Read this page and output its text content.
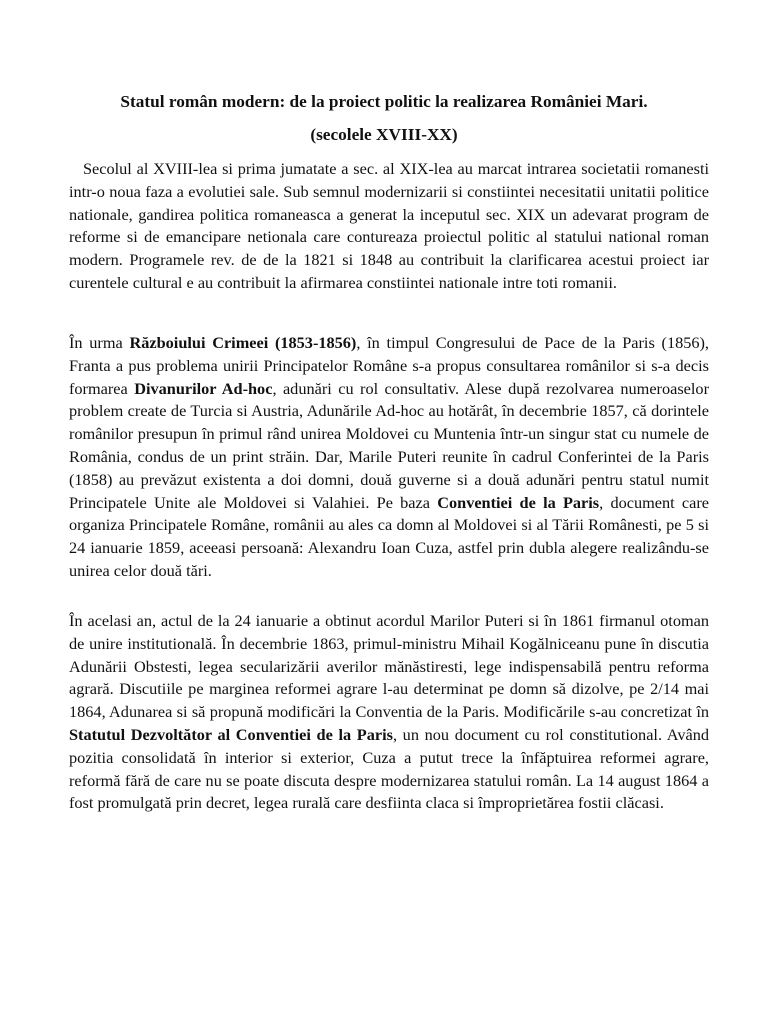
Statul român modern: de la proiect politic la realizarea României Mari.
(secolele XVIII-XX)

Secolul al XVIII-lea si prima jumatate a sec. al XIX-lea au marcat intrarea societatii romanesti intr-o noua faza a evolutiei sale. Sub semnul modernizarii si constiintei necesitatii unitatii politice nationale, gandirea politica romaneasca a generat la inceputul sec. XIX un adevarat program de reforme si de emancipare netionala care contureaza proiectul politic al statului national roman modern. Programele rev. de de la 1821 si 1848 au contribuit la clarificarea acestui proiect iar curentele cultural e au contribuit la afirmarea constiintei nationale intre toti romanii.

În urma Războiului Crimeei (1853-1856), în timpul Congresului de Pace de la Paris (1856), Franta a pus problema unirii Principatelor Române s-a propus consultarea românilor si s-a decis formarea Divanurilor Ad-hoc, adunări cu rol consultativ. Alese după rezolvarea numeroaselor problem create de Turcia si Austria, Adunările Ad-hoc au hotărât, în decembrie 1857, că dorintele românilor presupun în primul rând unirea Moldovei cu Muntenia într-un singur stat cu numele de România, condus de un print străin. Dar, Marile Puteri reunite în cadrul Conferintei de la Paris (1858) au prevăzut existenta a doi domni, două guverne si a două adunări pentru statul numit Principatele Unite ale Moldovei si Valahiei. Pe baza Conventiei de la Paris, document care organiza Principatele Române, românii au ales ca domn al Moldovei si al Tării Românesti, pe 5 si 24 ianuarie 1859, aceeasi persoană: Alexandru Ioan Cuza, astfel prin dubla alegere realizându-se unirea celor două tări.

În acelasi an, actul de la 24 ianuarie a obtinut acordul Marilor Puteri si în 1861 firmanul otoman de unire institutională. În decembrie 1863, primul-ministru Mihail Kogălniceanu pune în discutia Adunării Obstesti, legea secularizării averilor mănăstiresti, lege indispensabilă pentru reforma agrară. Discutiile pe marginea reformei agrare l-au determinat pe domn să dizolve, pe 2/14 mai 1864, Adunarea si să propună modificări la Conventia de la Paris. Modificările s-au concretizat în Statutul Dezvoltător al Conventiei de la Paris, un nou document cu rol constitutional. Având pozitia consolidată în interior si exterior, Cuza a putut trece la înfăptuirea reformei agrare, reformă fără de care nu se poate discuta despre modernizarea statului român. La 14 august 1864 a fost promulgată prin decret, legea rurală care desfiinta claca si împroprietărea fostii clăcasi.
